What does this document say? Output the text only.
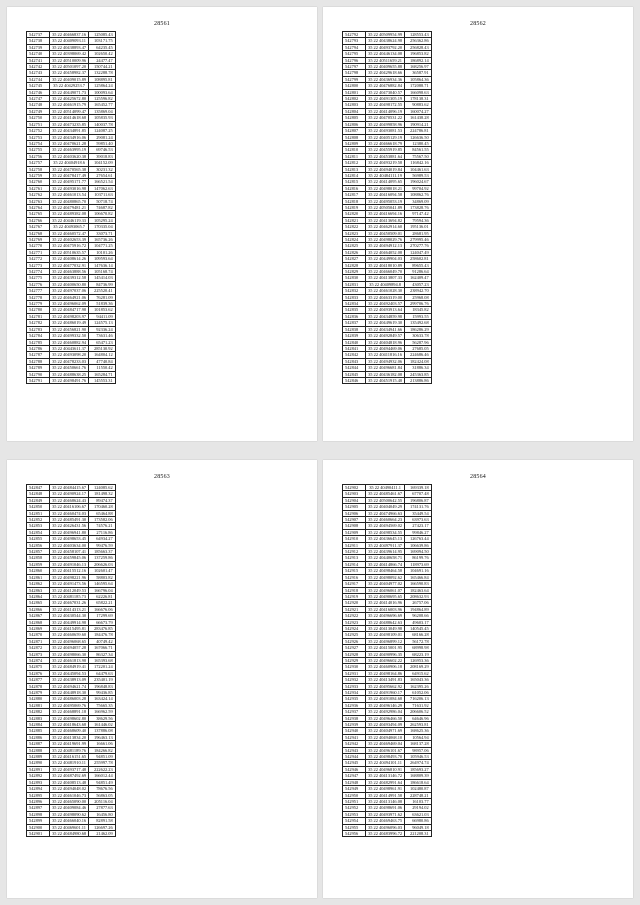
28561
542737	35 22 40466837.16	125085.43
542738	35 22 40409093.11	103171.75
542739	35 22 40438893.47	64235.45
542740	35 22 40398069.42	102650.42
542741	35 22 40510009.96	24477.47
542742	35 22 40501097.20	150744.21
542743	35 22 40458982.37	132288.78
542744	35 22 40409015.89	108895.81
542745	35 22 40429253.7	125864.24
542746	35 22 40449071.73	100093.64
542747	35 22 40425672.80	125596.82
542748	35 22 40461915.79	165452.77
542749	35 22 40514099.47	135869.04
542750	35 22 40414618.68	105835.93
542751	35 22 40473235.85	140037.78
542752	35 22 40434891.85	124087.25
542753	35 22 40434916.06	29081.24
542754	35 22 40470621.28	59851.40
542755	35 22 40463995.19	69746.53
542756	35 22 40403620.38	39018.83
542757	35 22 40404918.6	104152.09
542758	35 22 40470565.38	30231.32
542759	35 22 40478417.49	27654.61
542760	35 22 40495171.77	166521.54
542761	35 22 40493016.98	147062.63
542762	35 22 40461013.54	103711.63
542763	35 22 40480865.70	50718.74
542764	35 22 40479481.21	74687.82
542765	35 22 40489382.08	106670.82
542766	35 22 40446119.33	105295.24
542767	35 22 40493065.7	170335.04
542768	35 22 40460572.47	33073.71
542769	35 22 40402653.39	165736.26
542770	35 22 40475916.72	104771.25
542771	35 22 40510635.57	10101.26
542772	35 22 40408614.26	109593.64
542773	35 22 40477032.91	147636.14
542774	35 22 40463888.56	105168.74
542775	35 22 40439312.58	145414.03
542776	35 22 40400650.80	84736.99
542777	35 22 40497037.06	225520.41
542778	35 22 40464921.06	76281.09
542779	35 22 40496062.09	51839.36
542780	35 22 40484717.98	101853.62
542781	35 22 40498203.97	94411.09
542782	35 22 40486019.49	124575.13
542783	35 22 40456821.90	92336.24
542784	35 22 40499332.50	73631.46
542785	35 22 40460882.94	65471.23
542786	35 22 40443611.37	285130.92
542787	35 22 40493098.20	164804.12
542788	35 22 40478233.03	47740.84
542789	35 22 40450661.76	11550.42
542790	35 22 40488638.25	165284.71
542791	35 22 40498491.76	145553.31
28562
542792	35 22 40509954.99	128553.43
542793	35 22 40438624.98	256362.86
542794	35 22 40493792.20	256828.43
542795	35 22 40446134.08	196853.82
542796	35 22 40511659.21	186892.14
542797	35 22 40409655.88	168256.97
542798	35 22 40429618.66	36587.91
542799	35 22 40436934.36	105864.36
542800	35 22 40476882.84	172088.71
542801	35 22 40473040.57	166098.63
542802	35 22 40491305.19	178138.31
542803	35 22 40498172.55	90883.62
542804	35 22 40414096.19	160074.27
542805	35 22 40470531.22	161438.28
542806	35 22 40499858.96	190914.21
542807	35 22 40493081.53	224786.81
542808	35 22 40405129.19	126636.50
542809	35 22 40466618.79	12380.45
542810	35 22 40455919.85	84561.55
542811	35 22 40453881.64	75567.50
542812	35 22 40493219.58	116842.16
542813	35 22 40494019.84	104461.63
542814	35 22 40484111.19	56989.53
542815	35 22 40414095.65	196024.67
542816	35 22 40498018.21	99704.92
542817	35 22 40416094.58	108862.76
542818	35 22 40495053.19	34869.09
542819	35 22 40505041.89	173828.76
542820	35 22 40416694.16	97147.42
542821	35 22 40413694.82	79594.36
542822	35 22 40462914.60	195136.01
542823	35 22 40450509.01	28681.95
542824	35 22 40498029.76	279995.46
542825	35 22 40494912.13	270277.76
542826	35 22 40464052.08	124047.49
542827	35 22 40449904.03	258602.81
542828	35 22 40418010.89	89655.43
542829	35 22 40466049.70	91286.64
542830	35 22 40413807.33	162409.47
542831	35 22 40409894.8	43057.23
542832	35 22 40461028.30	238942.70
542833	35 22 40463319.00	25968.08
542834	35 22 40492403.57	299706.76
542835	35 22 40493913.64	18345.82
542836	35 22 40434859.98	15993.55
542837	35 22 40449619.30	135492.68
542838	35 22 40434941.66	186286.29
542839	35 22 40492849.57	30633.78
542840	35 22 40404818.96	56287.96
542841	35 22 40494469.06	27685.05
542842	35 22 40411816.16	224686.46
542843	35 22 40494932.06	182424.08
542844	35 22 40496681.84	31886.34
542845	35 22 40436182.08	245363.85
542846	35 22 40451915.48	213886.86
28563
542847	35 22 40484415.67	124085.62
542848	35 22 40490924.17	181498.32
542849	35 22 40468624.43	89474.37
542850	35 22 40416106.67	170460.28
542851	35 22 40460474.03	65464.88
542852	35 22 40485491.30	173582.06
542853	35 22 40426431.56	74576.21
542854	35 22 40496941.80	27116.86
542855	35 22 40498653.45	64934.27
542856	35 22 40403634.00	99476.59
542857	35 22 40458107.41	185663.37
542858	35 22 40459845.06	137259.86
542859	35 22 40491046.13	206626.03
542860	35 22 40415512.16	102601.47
542861	35 22 40498221.96	58803.82
542862	35 22 40491473.56	146595.64
542863	35 22 40412049.53	166796.04
542864	35 22 40481185.73	62226.81
542865	35 22 40467031.26	65822.21
542866	35 22 40414313.21	166676.06
542867	35 22 40430544.30	17299.69
542868	35 22 40449914.98	66673.79
542869	35 22 40415495.81	283476.85
542870	35 22 40460659.60	184476.78
542871	35 22 40496068.65	40749.42
542872	35 22 40494057.28	167066.71
542873	35 22 40498066.30	86327.34
542874	35 22 40461813.98	165393.68
542875	35 22 40484919.41	172201.24
542876	35 22 40445094.53	64479.63
542877	35 22 40438913.09	235401.19
542878	35 22 40494621.74	196848.83
542879	35 22 40448918.30	99436.85
542880	35 22 40486003.28	163424.14
542881	35 22 40495069.76	75665.35
542882	35 22 40468891.18	166962.59
542883	35 22 40498602.80	38629.56
542884	35 22 40418643.68	161446.02
542885	35 22 40468609.40	137886.08
542886	35 22 40413834.20	196463.13
542887	35 22 40419691.99	16661.06
542888	35 22 40481189.76	184266.82
542889	35 22 40416151.65	94851.09
542890	35 22 40481910.11	255997.78
542891	35 22 40493717.48	222622.23
542892	35 22 40487492.69	166012.44
542893	35 22 40408513.48	94851.49
542894	35 22 40494048.02	78676.56
542895	35 22 40461046.73	56863.05
542896	35 22 40465090.00	205116.04
542897	35 22 40409084.46	27877.63
542898	35 22 40498090.62	16456.80
542899	35 22 40466040.16	82891.58
542900	35 22 40469601.11	126697.26
542901	35 22 40484980.68	21462.09
28564
542902	35 22 40490411.1	169339.18
542903	35 22 40485461.67	67707.48
542904	35 22 40500642.55	196806.87
542905	35 22 40404049.29	174131.76
542906	35 22 40474966.63	35449.54
542907	35 22 40460664.23	63973.63
542908	35 22 40494569.02	27423.17
542909	35 22 40498534.55	99846.27
542910	35 22 40436645.13	126763.44
542911	35 22 40497911.37	106639.86
542912	35 22 40439614.95	169094.50
542913	35 22 40440658.71	86199.76
542914	35 22 40414866.74	118973.69
542915	35 22 40498464.58	104691.16
542916	35 22 40498092.62	165466.84
542917	35 22 40404977.02	166590.83
542918	35 22 40496061.07	182463.64
542919	35 22 40490695.65	208632.93
542920	35 22 40414016.96	26757.06
542921	35 22 40416003.96	194864.89
542922	35 22 40496696.69	96208.66
542923	35 22 40488642.63	49603.17
542924	35 22 40413049.98	140545.45
542925	35 22 40498109.01	68166.28
542926	35 22 40496899.12	56172.78
542927	35 22 40415001.95	68998.98
542928	35 22 40490996.35	68223.19
542929	35 22 40496602.22	126953.36
542930	35 22 40460906.18	208169.29
542931	35 22 40498164.86	64915.62
542932	35 22 40413491.83	165043.36
542933	35 22 40495662.92	162395.26
542934	35 22 40491960.17	61052.06
542935	35 22 40491084.68	716206.13
542936	35 22 40496146.29	71631.92
542937	35 22 40492986.04	206606.52
542938	35 22 40496466.50	64646.96
542939	35 22 40493494.09	262593.81
542940	35 22 40404971.69	168625.36
542941	35 22 40494068.10	10564.94
542942	35 22 40469469.04	168137.28
542943	35 22 40496101.67	98957.06
542944	35 22 40498493.70	105946.53
542945	35 22 40494101.11	264974.74
542946	35 22 40496810.91	185693.27
542947	35 22 40413146.72	168809.39
542948	35 22 40482991.64	186618.64
542949	35 22 40498961.91	102480.87
542950	35 22 40414991.58	228748.21
542951	35 22 40413146.08	16103.77
542952	35 22 40498691.06	29194.02
542953	35 22 40493971.62	63621.03
542954	35 22 40469463.75	66980.86
542955	35 22 40496096.03	96049.18
542956	35 22 40483996.72	221208.31
